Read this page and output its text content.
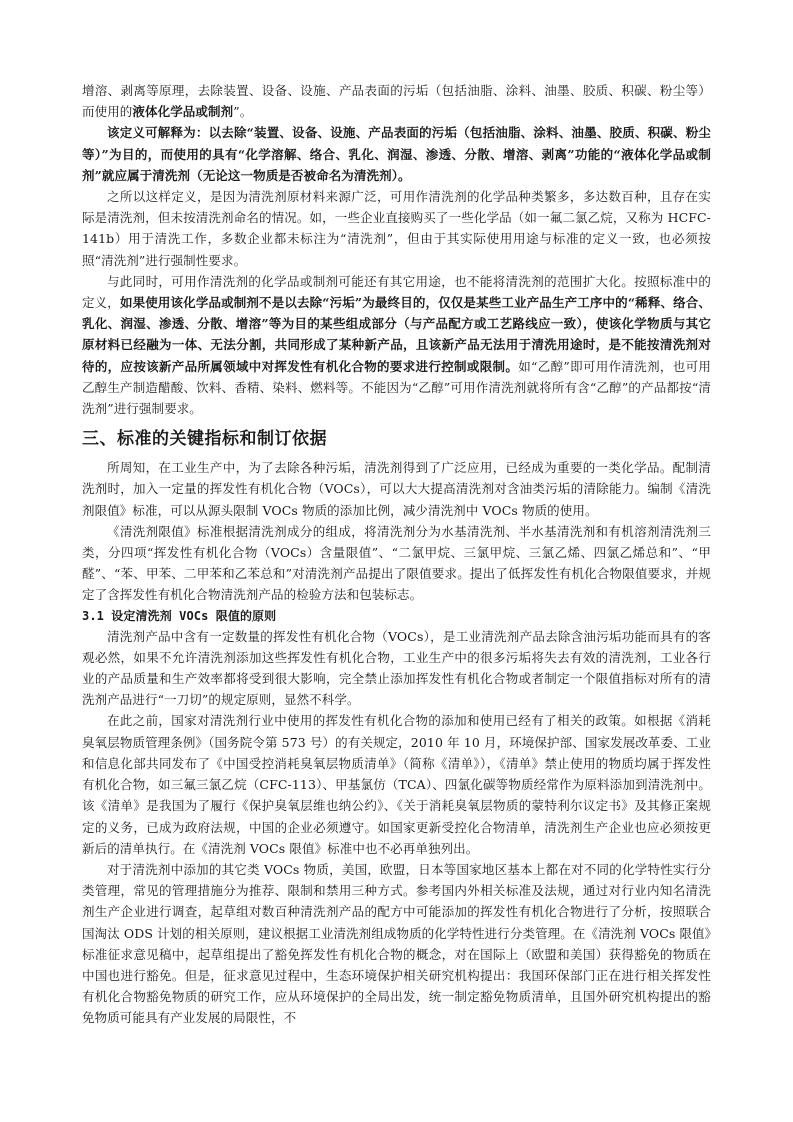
增溶、剥离等原理，去除装置、设备、设施、产品表面的污垢（包括油脂、涂料、油墨、胶质、积碳、粉尘等）而使用的液体化学品或制剂”。

该定义可解释为：以去除“装置、设备、设施、产品表面的污垢（包括油脂、涂料、油墨、胶质、积碳、粉尘等）”为目的，而使用的具有“化学溶解、络合、乳化、润湿、渗透、分散、增溶、剥离”功能的“液体化学品或制剂”就应属于清洗剂（无论这一物质是否被命名为清洗剂）。

之所以这样定义，是因为清洗剂原材料来源广泛，可用作清洗剂的化学品种类繁多，多达数百种，且存在实际是清洗剂，但未按清洗剂命名的情况。如，一些企业直接购买了一些化学品（如一氟二氯乙烷，又称为 HCFC-141b）用于清洗工作，多数企业都未标注为“清洗剂”，但由于其实际使用用途与标准的定义一致，也必须按照“清洗剂”进行强制性要求。

与此同时，可用作清洗剂的化学品或制剂可能还有其它用途，也不能将清洗剂的范围扩大化。按照标准中的定义，如果使用该化学品或制剂不是以去除“污垢”为最终目的，仅仅是某些工业产品生产工序中的“稀释、络合、乳化、润湿、渗透、分散、增溶”等为目的某些组成部分（与产品配方或工艺路线应一致），使该化学物质与其它原材料已经融为一体、无法分割，共同形成了某种新产品，且该新产品无法用于清洗用途时，是不能按清洗剂对待的，应按该新产品所属领域中对挥发性有机化合物的要求进行控制或限制。如“乙醇”即可用作清洗剂，也可用乙醇生产制造醋酸、饮料、香精、染料、燃料等。不能因为“乙醇”可用作清洗剂就将所有含“乙醇”的产品都按“清洗剂”进行强制要求。

三、标准的关键指标和制订依据

所周知，在工业生产中，为了去除各种污垢，清洗剂得到了广泛应用，已经成为重要的一类化学品。配制清洗剂时，加入一定量的挥发性有机化合物（VOCs），可以大大提高清洗剂对含油类污垢的清除能力。编制《清洗剂限值》标准，可以从源头限制 VOCs 物质的添加比例，减少清洗剂中 VOCs 物质的使用。

《清洗剂限值》标准根据清洗剂成分的组成，将清洗剂分为水基清洗剂、半水基清洗剂和有机溶剂清洗剂三类，分四项“挥发性有机化合物（VOCs）含量限值”、“二氯甲烷、三氯甲烷、三氯乙烯、四氯乙烯总和”、“甲醛”、“苯、甲苯、二甲苯和乙苯总和”对清洗剂产品提出了限值要求。提出了低挥发性有机化合物限值要求，并规定了含挥发性有机化合物清洗剂产品的检验方法和包装标志。

3.1 设定清洗剂 VOCs 限值的原则

清洗剂产品中含有一定数量的挥发性有机化合物（VOCs），是工业清洗剂产品去除含油污垢功能而具有的客观必然，如果不允许清洗剂添加这些挥发性有机化合物，工业生产中的很多污垢将失去有效的清洗剂，工业各行业的产品质量和生产效率都将受到很大影响，完全禁止添加挥发性有机化合物或者制定一个限值指标对所有的清洗剂产品进行“一刀切”的规定原则，显然不科学。

在此之前，国家对清洗剂行业中使用的挥发性有机化合物的添加和使用已经有了相关的政策。如根据《消耗臭氧层物质管理条例》（国务院令第 573 号）的有关规定，2010 年 10 月，环境保护部、国家发展改革委、工业和信息化部共同发布了《中国受控消耗臭氧层物质清单》（简称《清单》），《清单》禁止使用的物质均属于挥发性有机化合物，如三氟三氯乙烷（CFC-113）、甲基氯仿（TCA）、四氯化碳等物质经常作为原料添加到清洗剂中。该《清单》是我国为了履行《保护臭氧层维也纳公约》、《关于消耗臭氧层物质的蒙特利尔议定书》及其修正案规定的义务，已成为政府法规，中国的企业必须遵守。如国家更新受控化合物清单，清洗剂生产企业也应必须按更新后的清单执行。在《清洗剂 VOCs 限值》标准中也不必再单独列出。

对于清洗剂中添加的其它类 VOCs 物质，美国，欧盟，日本等国家地区基本上都在对不同的化学特性实行分类管理，常见的管理措施分为推荐、限制和禁用三种方式。参考国内外相关标准及法规，通过对行业内知名清洗剂生产企业进行调查，起草组对数百种清洗剂产品的配方中可能添加的挥发性有机化合物进行了分析，按照联合国淘汰 ODS 计划的相关原则，建议根据工业清洗剂组成物质的化学特性进行分类管理。在《清洗剂 VOCs 限值》标准征求意见稿中，起草组提出了豁免挥发性有机化合物的概念，对在国际上（欧盟和美国）获得豁免的物质在中国也进行豁免。但是，征求意见过程中，生态环境保护相关研究机构提出：我国环保部门正在进行相关挥发性有机化合物豁免物质的研究工作，应从环境保护的全局出发，统一制定豁免物质清单，且国外研究机构提出的豁免物质可能具有产业发展的局限性，不
